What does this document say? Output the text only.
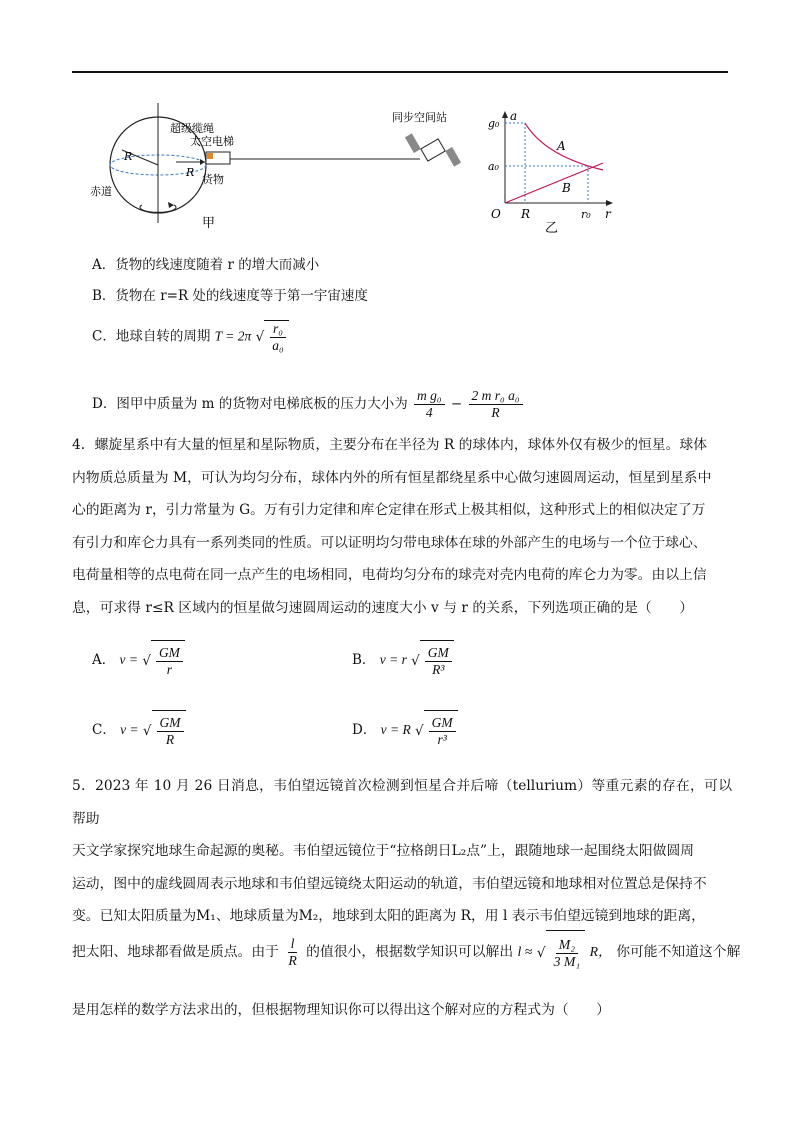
超级缆绳
太空电梯
货物
赤道
R
R
同步空间站
甲
a
r
g₀
a₀
O R	r₀
A
B
乙
A．货物的线速度随着 r 的增大而减小
B．货物在 r=R 处的线速度等于第一宇宙速度
C．地球自转的周期 T = 2π √ $\frac{\text{r₀}}{\text{a₀}}$
D．图甲中质量为 m 的货物对电梯底板的压力大小为 $\frac{\text{m g₀}}{4} - \frac{\text{2 m r₀ a₀}}{R}$
4．螺旋星系中有大量的恒星和星际物质，主要分布在半径为 R 的球体内，球体外仅有极少的恒星。球体
内物质总质量为 M，可认为均匀分布，球体内外的所有恒星都绕星系中心做匀速圆周运动，恒星到星系中
心的距离为 r，引力常量为 G。万有引力定律和库仑定律在形式上极其相似，这种形式上的相似决定了万
有引力和库仑力具有一系列类同的性质。可以证明均匀带电球体在球的外部产生的电场与一个位于球心、
电荷量相等的点电荷在同一点产生的电场相同，电荷均匀分布的球壳对壳内电荷的库仑力为零。由以上信
息，可求得 r≤R 区域内的恒星做匀速圆周运动的速度大小 v 与 r 的关系，下列选项正确的是（　　）
A． v = √ $\frac{GM}{r}$	B． v = r √ $\frac{GM}{\text{R³}}$
C． v = √ $\frac{GM}{R}$	D． v = R √ $\frac{GM}{\text{r³}}$
5．2023 年 10 月 26 日消息，韦伯望远镜首次检测到恒星合并后啼（tellurium）等重元素的存在，可以帮助
天文学家探究地球生命起源的奥秘。韦伯望远镜位于“拉格朗日L₂点”上，跟随地球一起围绕太阳做圆周
运动，图中的虚线圆周表示地球和韦伯望远镜绕太阳运动的轨道，韦伯望远镜和地球相对位置总是保持不
变。已知太阳质量为M₁、地球质量为M₂，地球到太阳的距离为 R，用 l 表示韦伯望远镜到地球的距离，
把太阳、地球都看做是质点。由于 $\frac{l}{R}$ 的值很小，根据数学知识可以解出 l ≈ √ $\frac{\text{M₂}}{\text{3 M₁}}$ R， 你可能不知道这个解
是用怎样的数学方法求出的，但根据物理知识你可以得出这个解对应的方程式为（　　）
